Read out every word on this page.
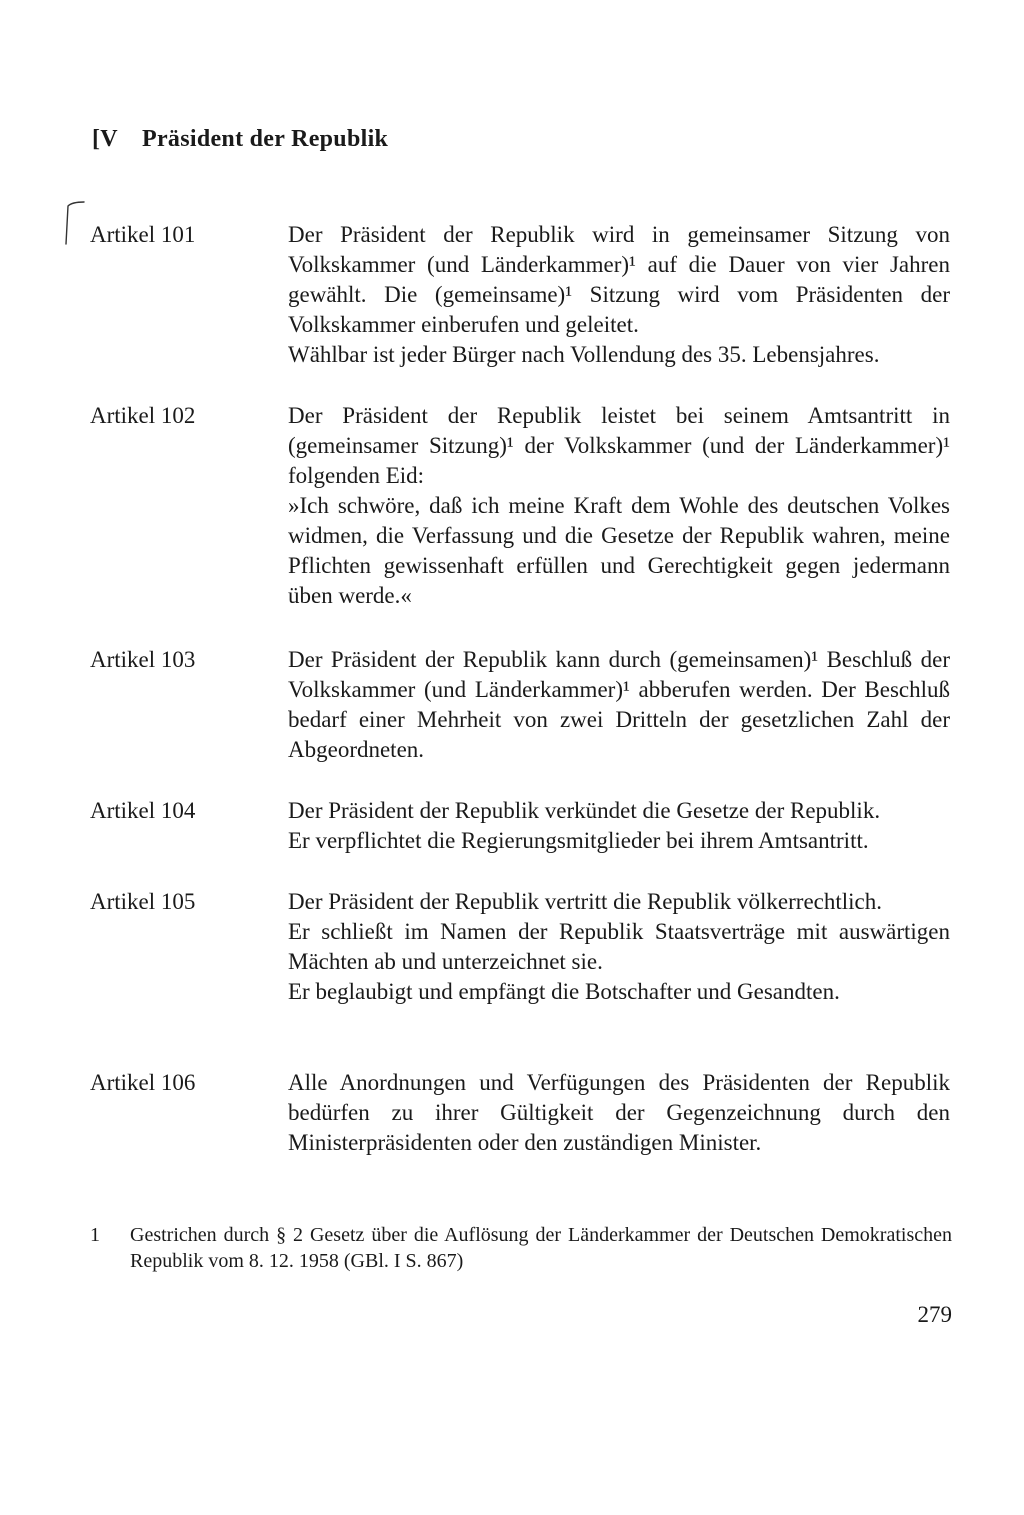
[V Präsident der Republik
Artikel 101	Der Präsident der Republik wird in gemeinsamer Sitzung von Volkskammer (und Länderkammer)¹ auf die Dauer von vier Jahren gewählt. Die (gemeinsame)¹ Sitzung wird vom Präsidenten der Volkskammer einberufen und geleitet.

Wählbar ist jeder Bürger nach Vollendung des 35. Lebensjahres.

Artikel 102	Der Präsident der Republik leistet bei seinem Amtsantritt in (gemeinsamer Sitzung)¹ der Volkskammer (und der Länderkammer)¹ folgenden Eid:

»Ich schwöre, daß ich meine Kraft dem Wohle des deutschen Volkes widmen, die Verfassung und die Gesetze der Republik wahren, meine Pflichten gewissenhaft erfüllen und Gerechtigkeit gegen jedermann üben werde.«

Artikel 103	Der Präsident der Republik kann durch (gemeinsamen)¹ Beschluß der Volkskammer (und Länderkammer)¹ abberufen werden. Der Beschluß bedarf einer Mehrheit von zwei Dritteln der gesetzlichen Zahl der Abgeordneten.

Artikel 104	Der Präsident der Republik verkündet die Gesetze der Republik.

Er verpflichtet die Regierungsmitglieder bei ihrem Amtsantritt.

Artikel 105	Der Präsident der Republik vertritt die Republik völkerrechtlich.

Er schließt im Namen der Republik Staatsverträge mit auswärtigen Mächten ab und unterzeichnet sie.

Er beglaubigt und empfängt die Botschafter und Gesandten.

Artikel 106	Alle Anordnungen und Verfügungen des Präsidenten der Republik bedürfen zu ihrer Gültigkeit der Gegenzeichnung durch den Ministerpräsidenten oder den zuständigen Minister.

1 Gestrichen durch § 2 Gesetz über die Auflösung der Länderkammer der Deutschen Demokratischen Republik vom 8. 12. 1958 (GBl. I S. 867)

279
